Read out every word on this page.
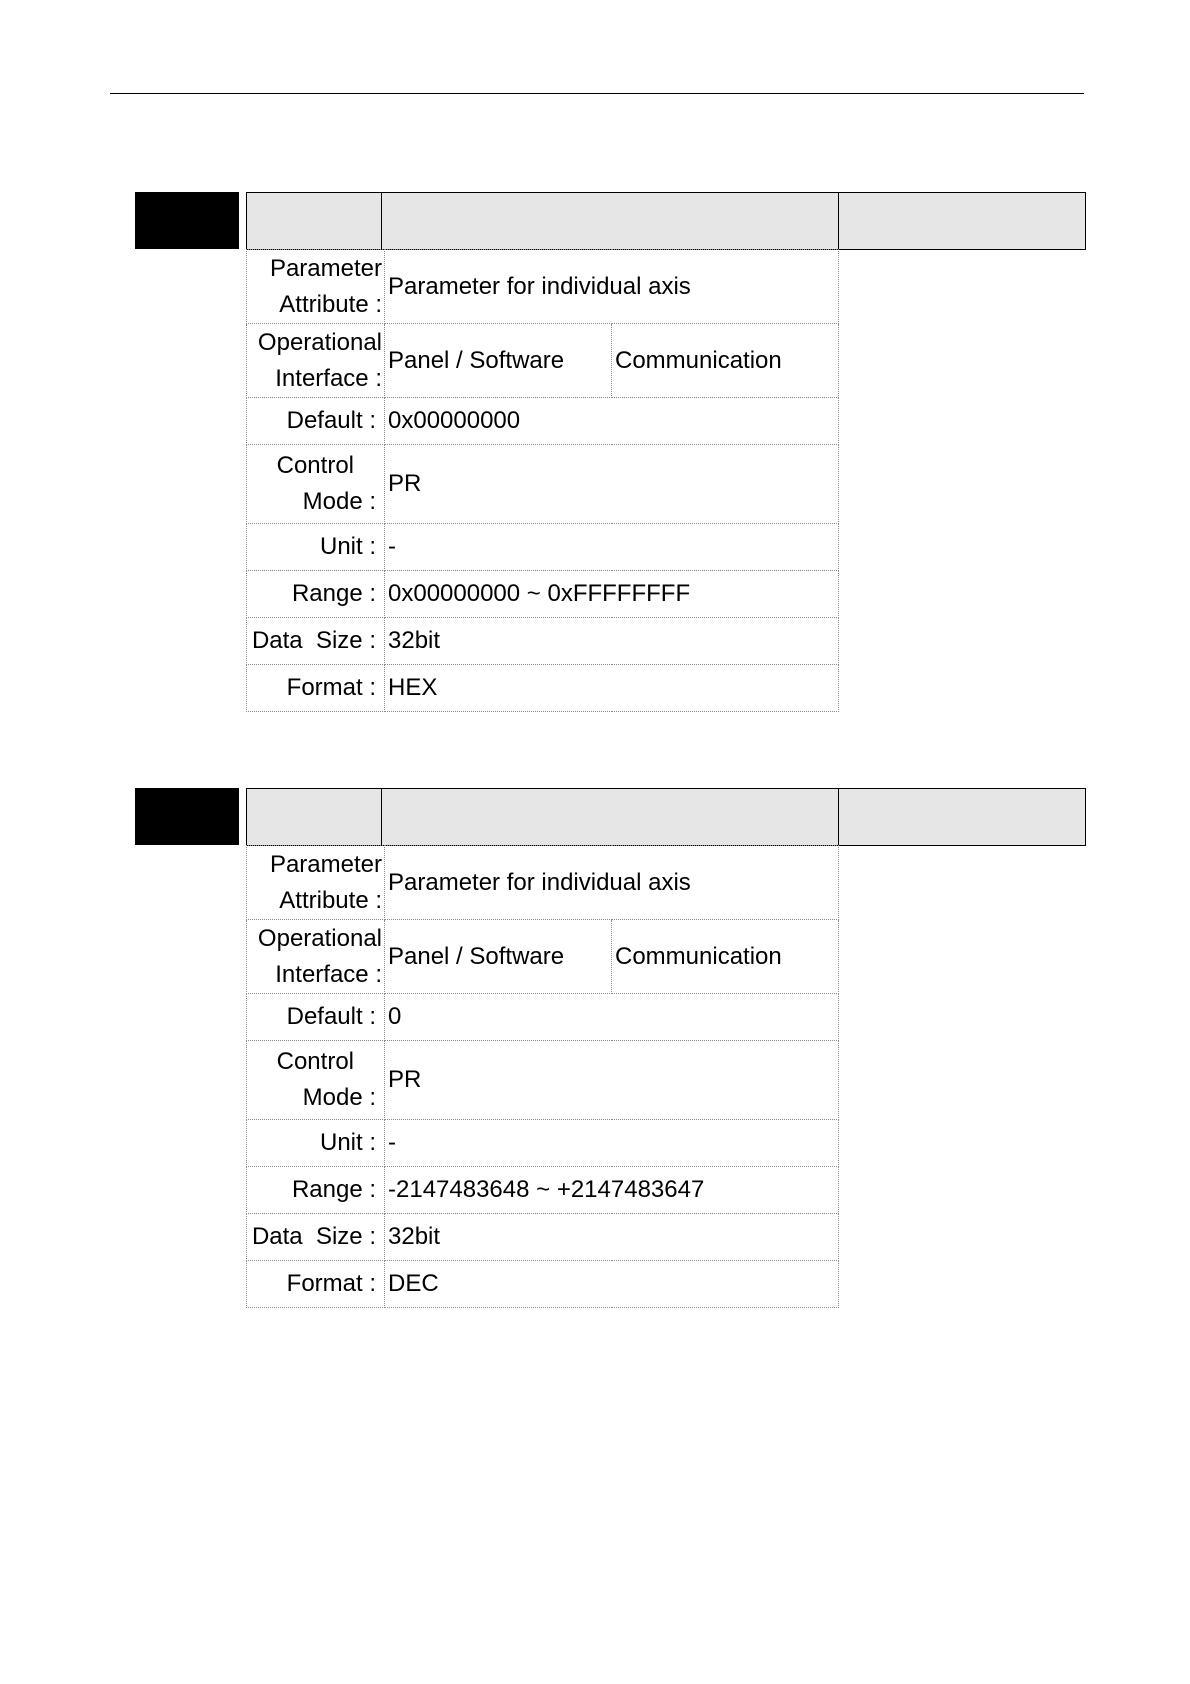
Parameter
Attribute :	Parameter for individual axis	

Operational
Interface :	Panel / Software	Communication
Default :	0x00000000	

Control
Mode :	PR	
Unit :	-	
Range :	0x00000000 ~ 0xFFFFFFFF	
Data  Size :	32bit	
Format :	HEX	
Parameter
Attribute :	Parameter for individual axis	

Operational
Interface :	Panel / Software	Communication
Default :	0	

Control
Mode :	PR	
Unit :	-	
Range :	-2147483648 ~ +2147483647	
Data  Size :	32bit	
Format :	DEC	
